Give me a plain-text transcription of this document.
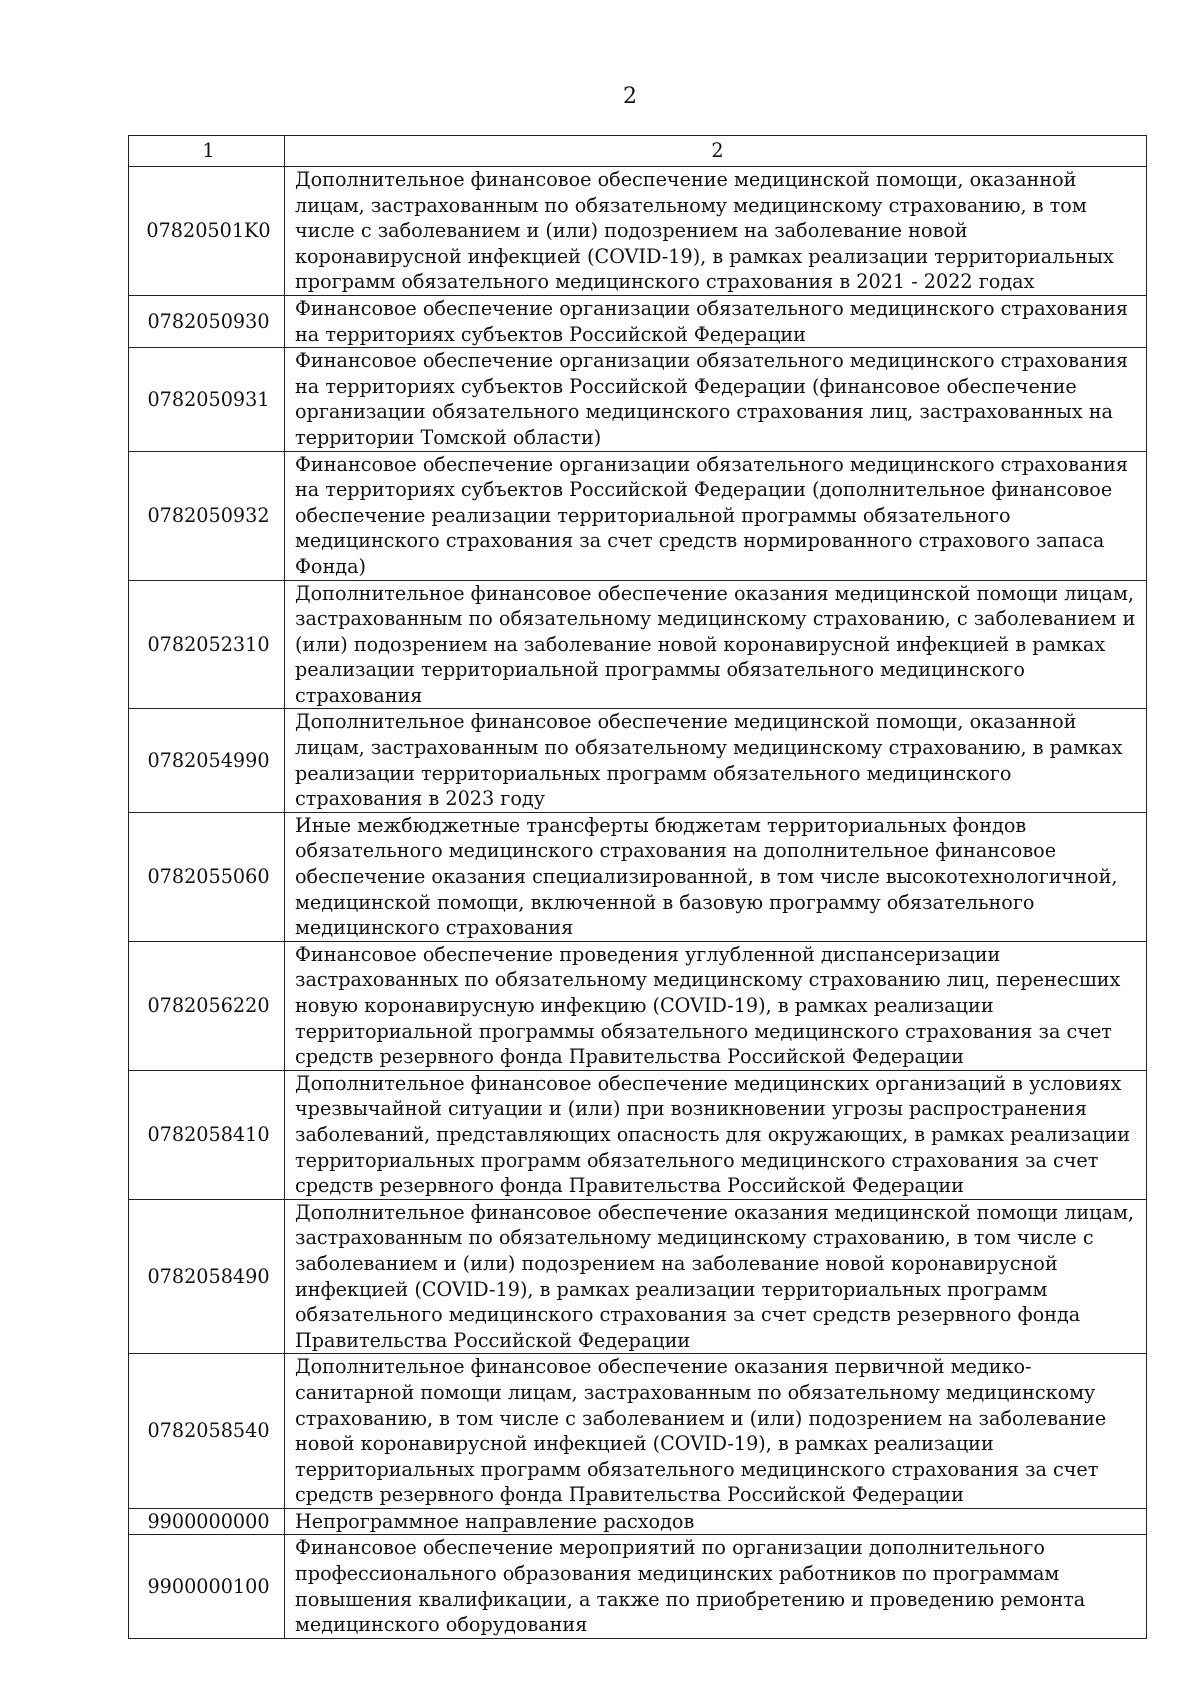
2
1	2
07820501K0	Дополнительное финансовое обеспечение медицинской помощи, оказанной лицам, застрахованным по обязательному медицинскому страхованию, в том числе с заболеванием и (или) подозрением на заболевание новой коронавирусной инфекцией (COVID-19), в рамках реализации территориальных программ обязательного медицинского страхования в 2021 - 2022 годах
0782050930	Финансовое обеспечение организации обязательного медицинского страхования на территориях субъектов Российской Федерации
0782050931	Финансовое обеспечение организации обязательного медицинского страхования на территориях субъектов Российской Федерации (финансовое обеспечение организации обязательного медицинского страхования лиц, застрахованных на территории Томской области)
0782050932	Финансовое обеспечение организации обязательного медицинского страхования на территориях субъектов Российской Федерации (дополнительное финансовое обеспечение реализации территориальной программы обязательного медицинского страхования за счет средств нормированного страхового запаса Фонда)
0782052310	Дополнительное финансовое обеспечение оказания медицинской помощи лицам, застрахованным по обязательному медицинскому страхованию, с заболеванием и (или) подозрением на заболевание новой коронавирусной инфекцией в рамках реализации территориальной программы обязательного медицинского страхования
0782054990	Дополнительное финансовое обеспечение медицинской помощи, оказанной лицам, застрахованным по обязательному медицинскому страхованию, в рамках реализации территориальных программ обязательного медицинского страхования в 2023 году
0782055060	Иные межбюджетные трансферты бюджетам территориальных фондов обязательного медицинского страхования на дополнительное финансовое обеспечение оказания специализированной, в том числе высокотехнологичной, медицинской помощи, включенной в базовую программу обязательного медицинского страхования
0782056220	Финансовое обеспечение проведения углубленной диспансеризации застрахованных по обязательному медицинскому страхованию лиц, перенесших новую коронавирусную инфекцию (COVID-19), в рамках реализации территориальной программы обязательного медицинского страхования за счет средств резервного фонда Правительства Российской Федерации
0782058410	Дополнительное финансовое обеспечение медицинских организаций в условиях чрезвычайной ситуации и (или) при возникновении угрозы распространения заболеваний, представляющих опасность для окружающих, в рамках реализации территориальных программ обязательного медицинского страхования за счет средств резервного фонда Правительства Российской Федерации
0782058490	Дополнительное финансовое обеспечение оказания медицинской помощи лицам, застрахованным по обязательному медицинскому страхованию, в том числе с заболеванием и (или) подозрением на заболевание новой коронавирусной инфекцией (COVID-19), в рамках реализации территориальных программ обязательного медицинского страхования за счет средств резервного фонда Правительства Российской Федерации
0782058540	Дополнительное финансовое обеспечение оказания первичной медико-санитарной помощи лицам, застрахованным по обязательному медицинскому страхованию, в том числе с заболеванием и (или) подозрением на заболевание новой коронавирусной инфекцией (COVID-19), в рамках реализации территориальных программ обязательного медицинского страхования за счет средств резервного фонда Правительства Российской Федерации
9900000000	Непрограммное направление расходов
9900000100	Финансовое обеспечение мероприятий по организации дополнительного профессионального образования медицинских работников по программам повышения квалификации, а также по приобретению и проведению ремонта медицинского оборудования
